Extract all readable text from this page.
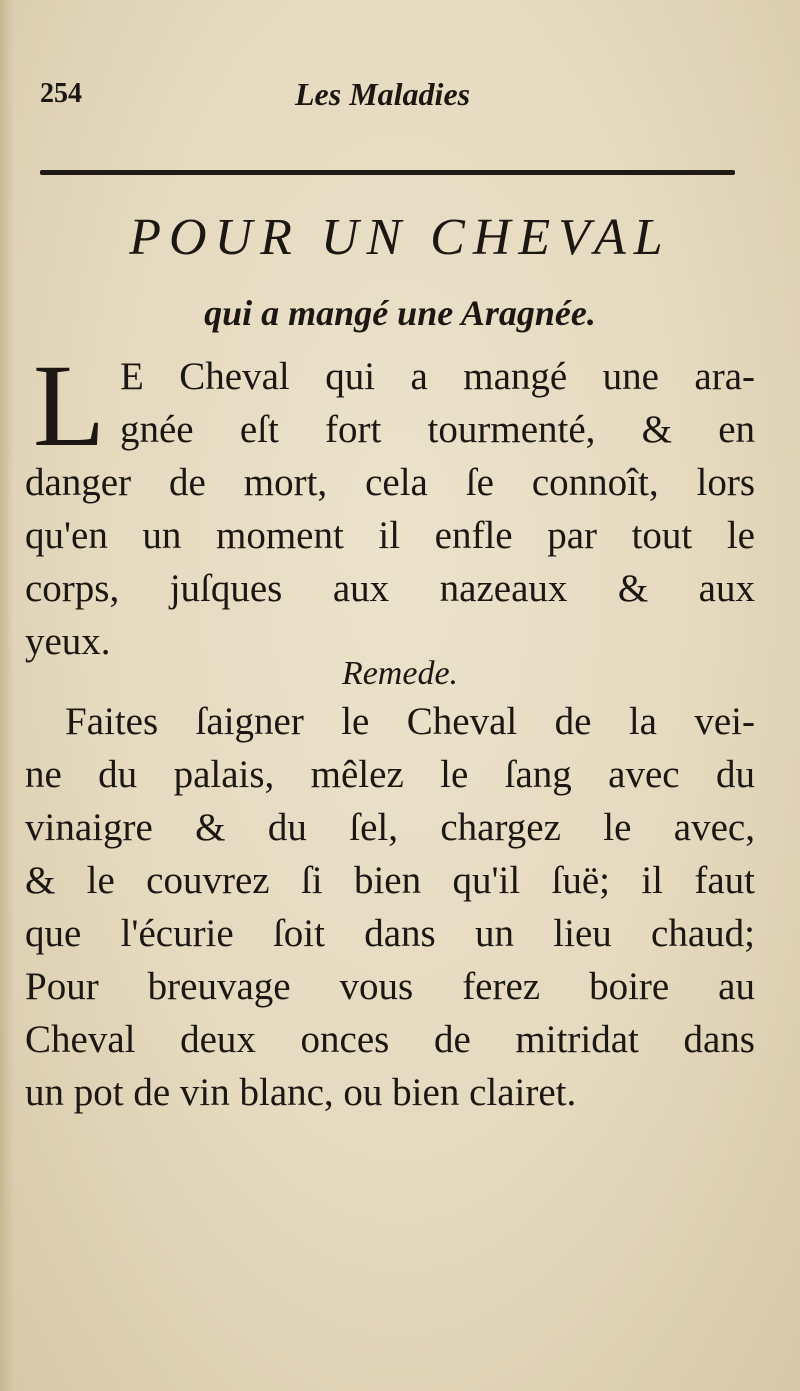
254	Les Maladies
POUR UN CHEVAL
qui a mangé une Aragnée.
L E Cheval qui a mangé une ara-
gnée eſt fort tourmenté, & en
danger de mort, cela ſe connoît, lors
qu'en un moment il enfle par tout le
corps, juſques aux nazeaux & aux
yeux.
Remede.
Faites ſaigner le Cheval de la vei-
ne du palais, mêlez le ſang avec du
vinaigre & du ſel, chargez le avec,
& le couvrez ſi bien qu'il ſuë; il faut
que l'écurie ſoit dans un lieu chaud;
Pour breuvage vous ferez boire au
Cheval deux onces de mitridat dans
un pot de vin blanc, ou bien clairet.
